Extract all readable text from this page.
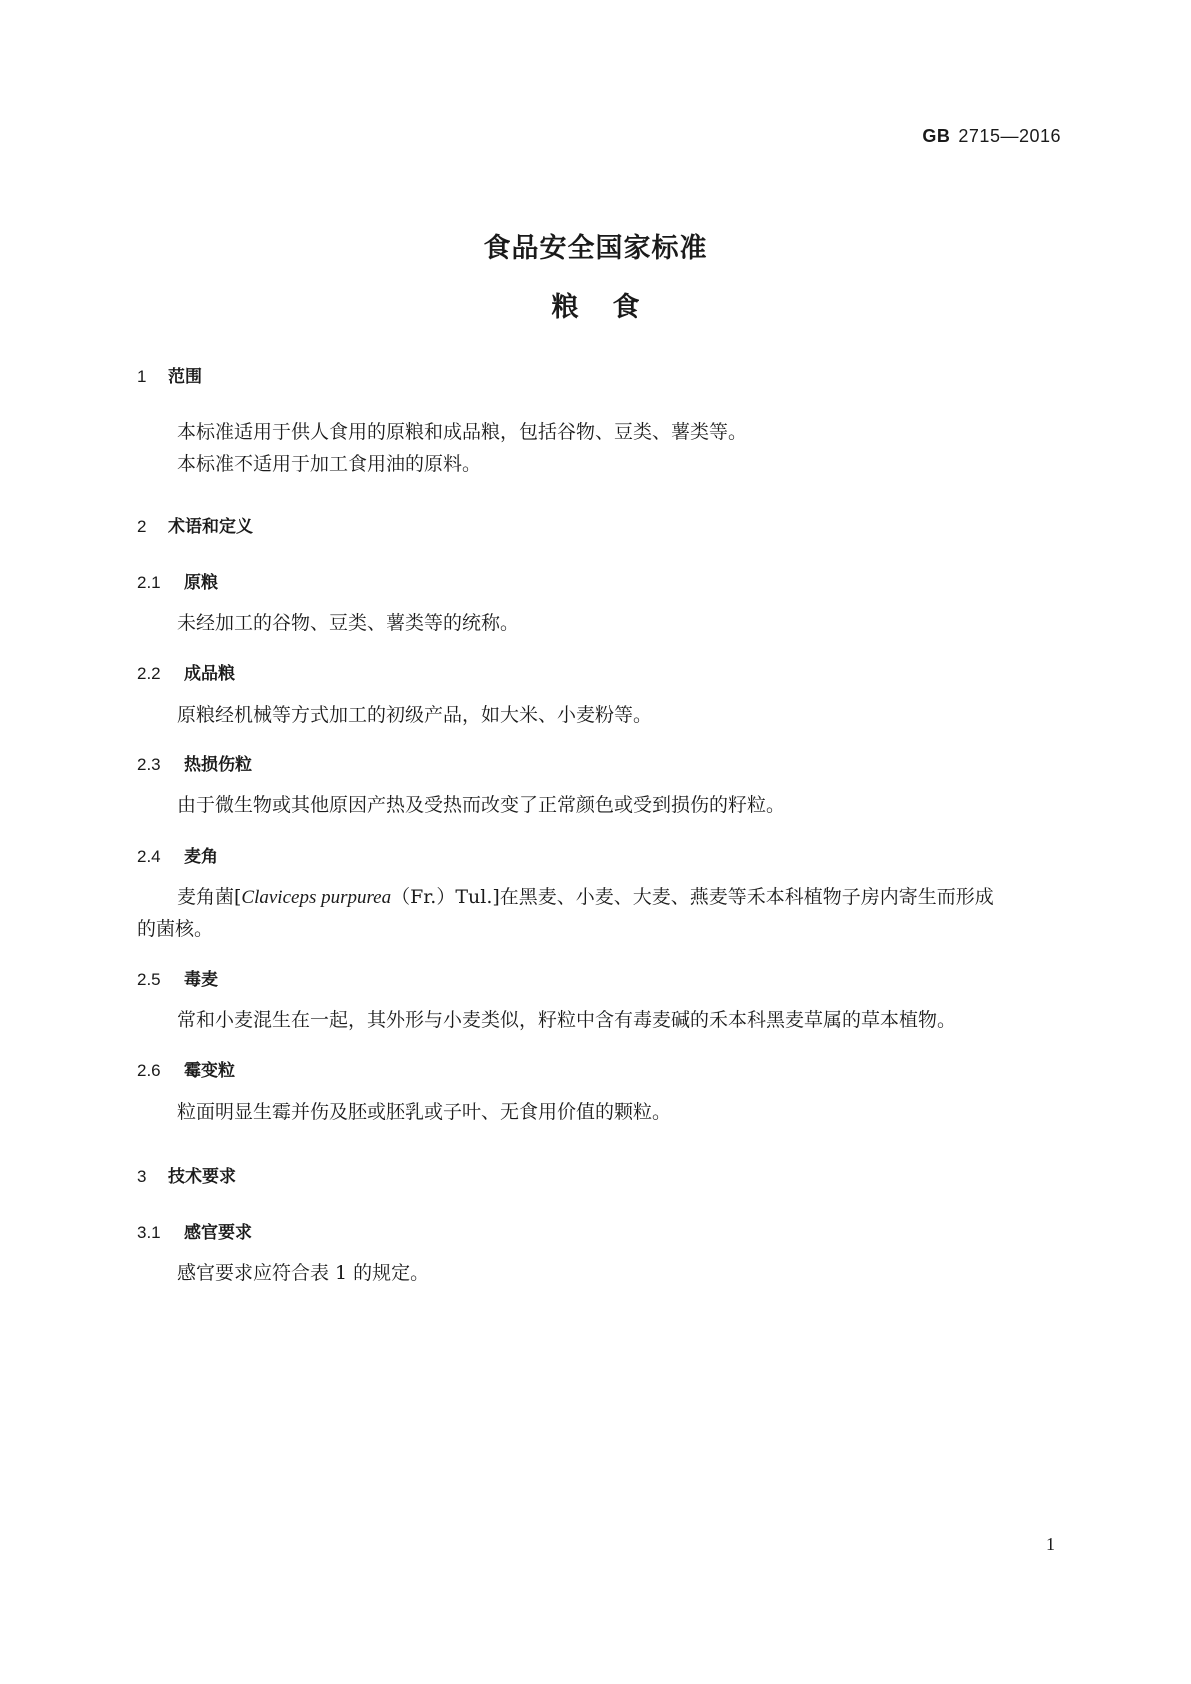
GB 2715—2016
食品安全国家标准
粮食
1 范围
本标准适用于供人食用的原粮和成品粮，包括谷物、豆类、薯类等。
本标准不适用于加工食用油的原料。
2 术语和定义
2.1 原粮
未经加工的谷物、豆类、薯类等的统称。
2.2 成品粮
原粮经机械等方式加工的初级产品，如大米、小麦粉等。
2.3 热损伤粒
由于微生物或其他原因产热及受热而改变了正常颜色或受到损伤的籽粒。
2.4 麦角
麦角菌[Claviceps purpurea（Fr.）Tul.]在黑麦、小麦、大麦、燕麦等禾本科植物子房内寄生而形成
的菌核。
2.5 毒麦
常和小麦混生在一起，其外形与小麦类似，籽粒中含有毒麦碱的禾本科黑麦草属的草本植物。
2.6 霉变粒
粒面明显生霉并伤及胚或胚乳或子叶、无食用价值的颗粒。
3 技术要求
3.1 感官要求
感官要求应符合表 1 的规定。
1
